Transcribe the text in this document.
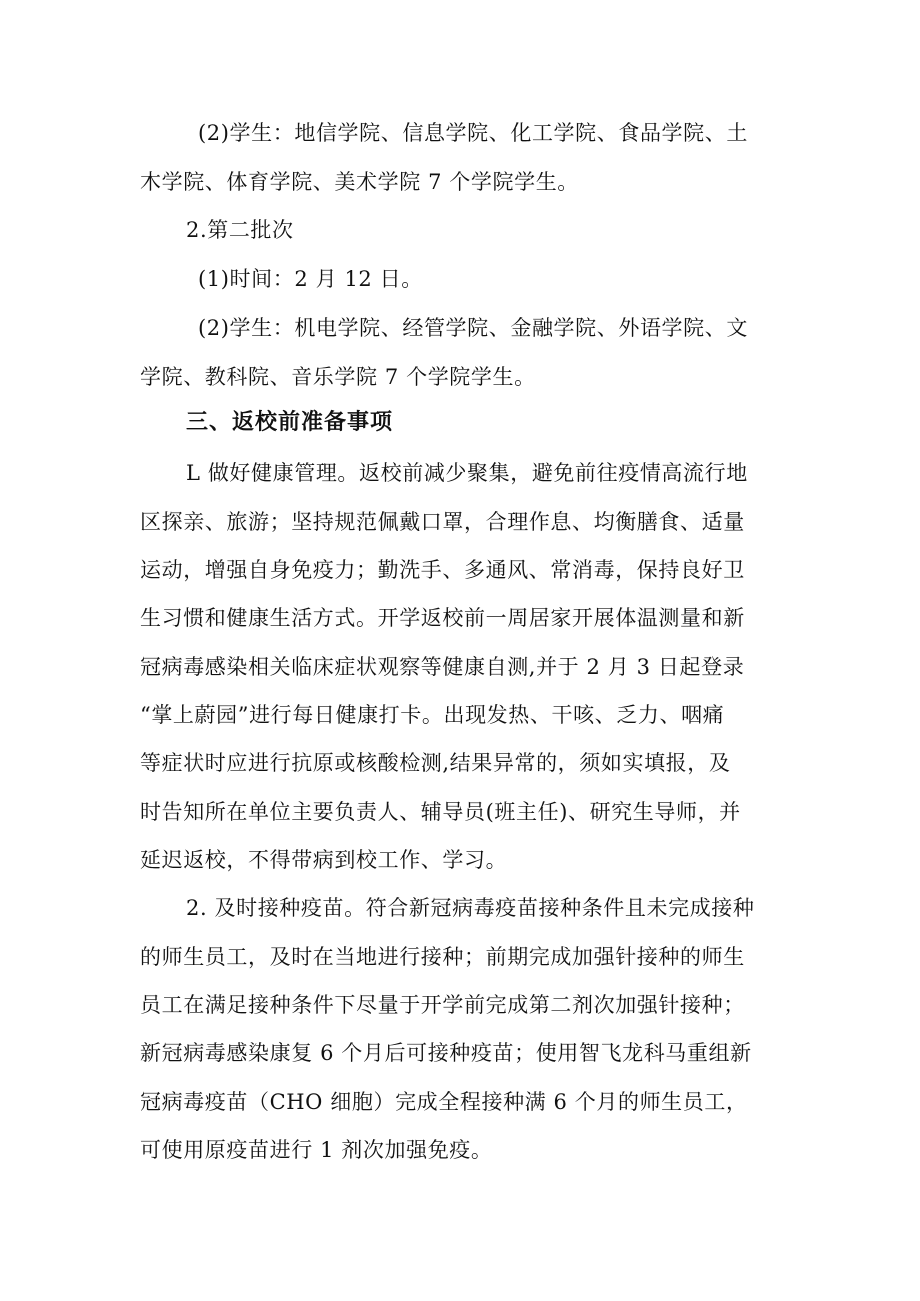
(2)学生：地信学院、信息学院、化工学院、食品学院、土
木学院、体育学院、美术学院 7 个学院学生。
2.第二批次
(1)时间：2 月 12 日。
(2)学生：机电学院、经管学院、金融学院、外语学院、文
学院、教科院、音乐学院 7 个学院学生。
三、返校前准备事项
L 做好健康管理。返校前减少聚集，避免前往疫情高流行地
区探亲、旅游；坚持规范佩戴口罩，合理作息、均衡膳食、适量
运动，增强自身免疫力；勤洗手、多通风、常消毒，保持良好卫
生习惯和健康生活方式。开学返校前一周居家开展体温测量和新
冠病毒感染相关临床症状观察等健康自测,并于 2 月 3 日起登录
“掌上蔚园”进行每日健康打卡。出现发热、干咳、乏力、咽痛
等症状时应进行抗原或核酸检测,结果异常的，须如实填报，及
时告知所在单位主要负责人、辅导员(班主任)、研究生导师，并
延迟返校，不得带病到校工作、学习。
2. 及时接种疫苗。符合新冠病毒疫苗接种条件且未完成接种
的师生员工，及时在当地进行接种；前期完成加强针接种的师生
员工在满足接种条件下尽量于开学前完成第二剂次加强针接种；
新冠病毒感染康复 6 个月后可接种疫苗；使用智飞龙科马重组新
冠病毒疫苗（CHO 细胞）完成全程接种满 6 个月的师生员工，
可使用原疫苗进行 1 剂次加强免疫。
